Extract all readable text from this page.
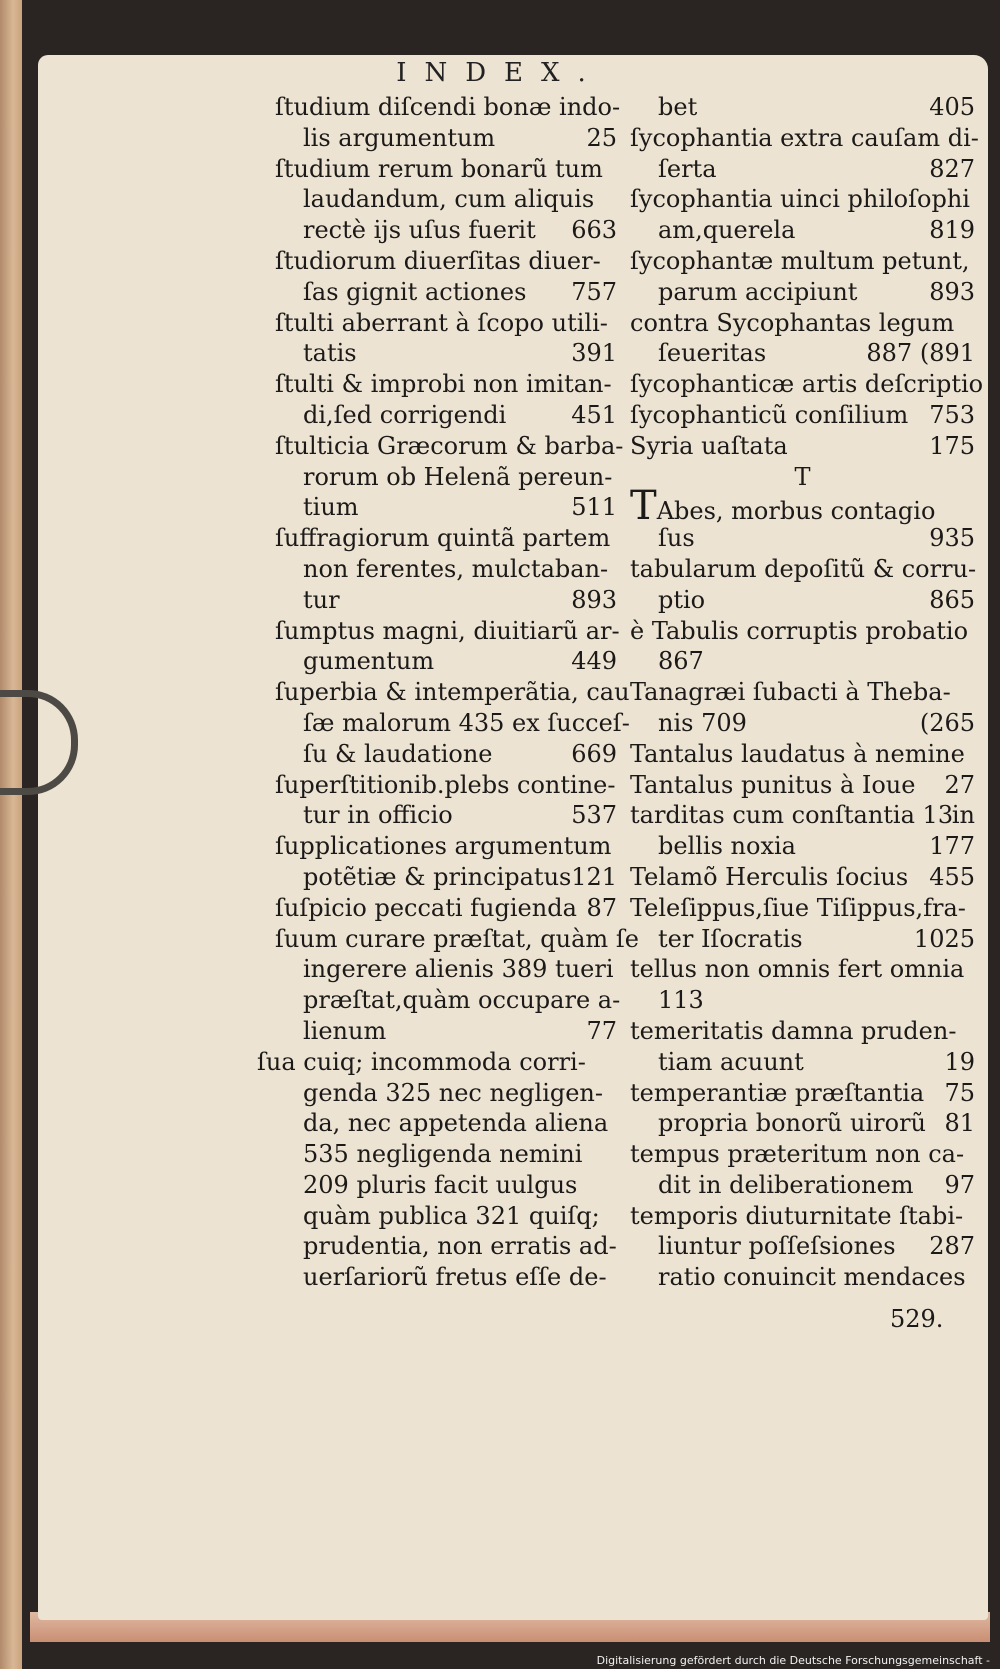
INDEX.
ſtudium diſcendi bonæ indo-
lis argumentum	25
ſtudium rerum bonarũ tum
laudandum, cum aliquis
rectè ijs uſus fuerit 663
ſtudiorum diuerſitas diuer-
ſas gignit actiones 757
ſtulti aberrant à ſcopo utili-
tatis	391
ſtulti & improbi non imitan-
di,ſed corrigendi	451
ſtulticia Græcorum & barba-
rorum ob Helenã pereun-
tium	511
ſuffragiorum quintã partem
non ferentes, mulctaban-
tur	893
ſumptus magni, diuitiarũ ar-
gumentum	449
ſuperbia & intemperãtia, cau
ſæ malorum 435 ex ſucceſ-
ſu & laudatione	669
ſuperſtitionib.plebs contine-
tur in officio	537
ſupplicationes argumentum
potẽtiæ & principatus 121
ſuſpicio peccati fugienda 87
ſuum curare præſtat, quàm ſe
ingerere alienis 389 tueri
præſtat,quàm occupare a-
lienum	77
ſua cuiq; incommoda corri-
genda 325 nec negligen-
da, nec appetenda aliena
535 negligenda nemini
209 pluris facit uulgus
quàm publica 321 quiſq;
prudentia, non erratis ad-
uerſariorũ fretus eſſe de-
bet	405
ſycophantia extra cauſam di-
ſerta	827
ſycophantia uinci philoſophi
am,querela	819
ſycophantæ multum petunt,
parum accipiunt	893
contra Sycophantas legum
ſeueritas	887 (891
ſycophanticæ artis deſcriptio
ſycophanticũ conſilium 753
Syria uaſtata	175
T
TAbes, morbus contagio
ſus	935
tabularum depoſitũ & corru-
ptio	865
è Tabulis corruptis probatio
867
Tanagræi ſubacti à Theba-
nis 709	(265
Tantalus laudatus à nemine
Tantalus punitus à Ioue 27
tarditas cum conſtantia 13
in
bellis noxia	177
Telamõ Herculis ſocius 455
Teleſippus,ſiue Tiſippus,fra-
ter Iſocratis	1025
tellus non omnis fert omnia
113
temeritatis damna pruden-
tiam acuunt	19
temperantiæ præſtantia 75
propria bonorũ uirorũ 81
tempus præteritum non ca-
dit in deliberationem 97
temporis diuturnitate ſtabi-
liuntur poſſeſsiones 287
ratio conuincit mendaces
529.
Digitalisierung gefördert durch die Deutsche Forschungsgemeinschaft -
